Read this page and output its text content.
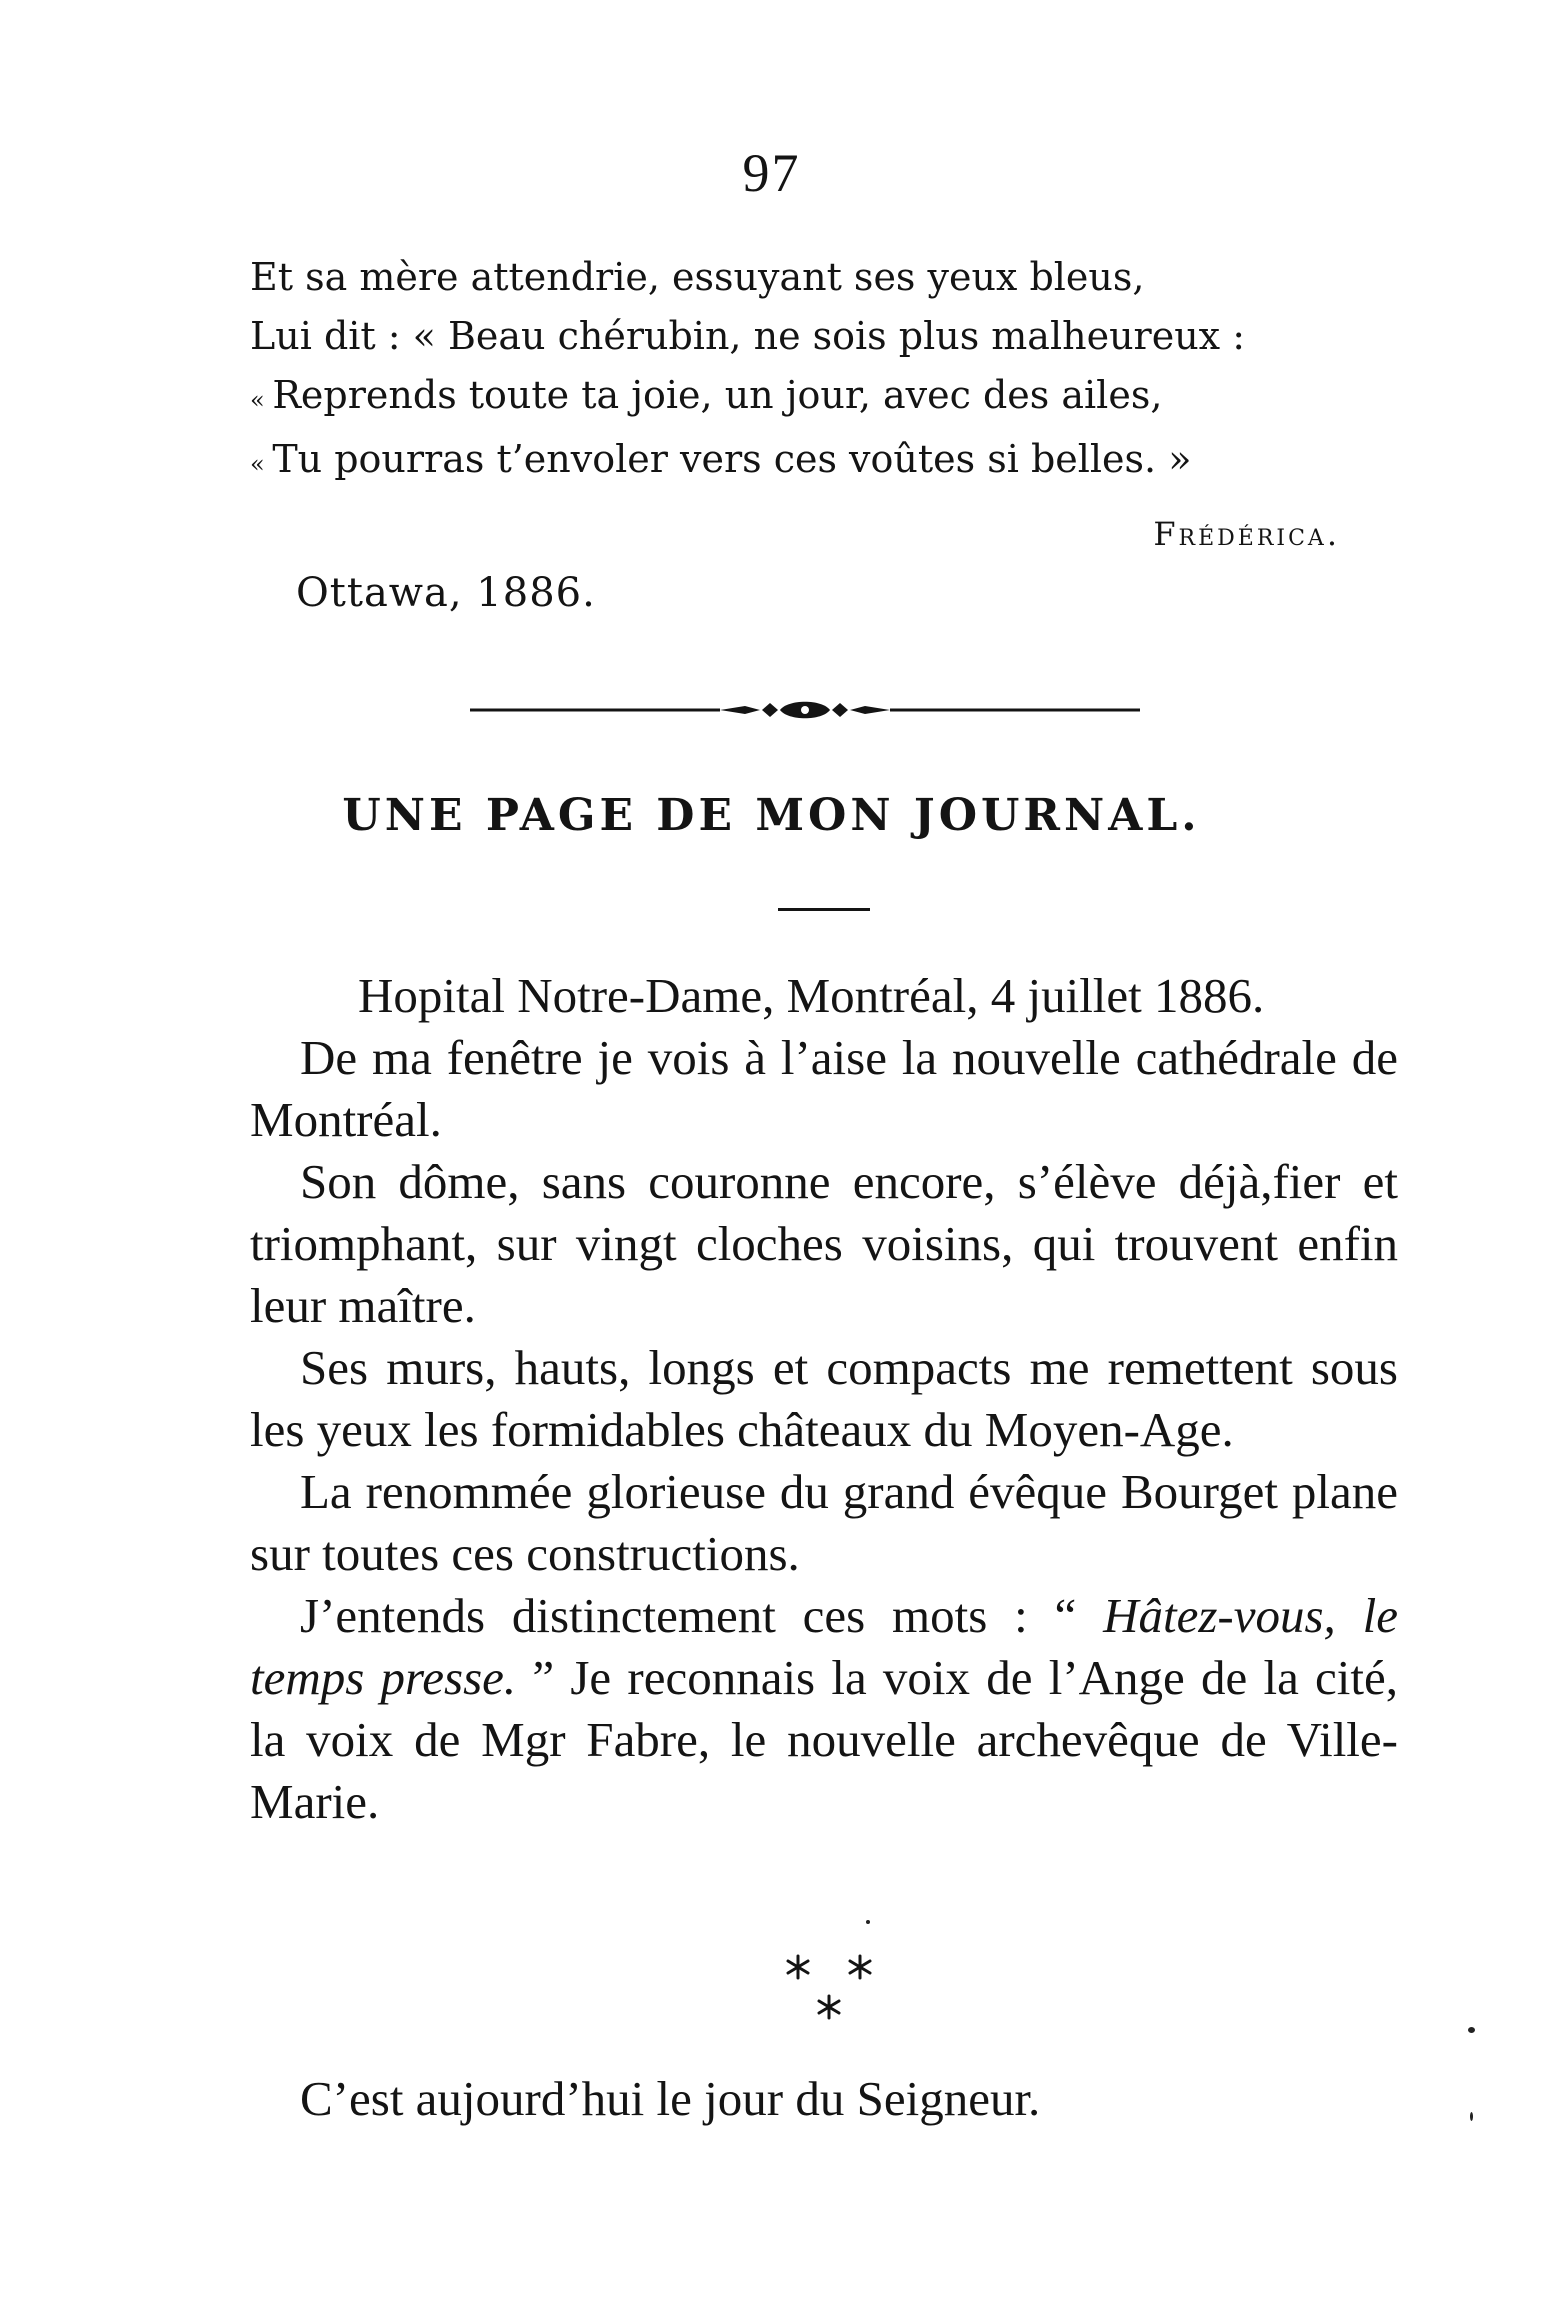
97
Et sa mère attendrie, essuyant ses yeux bleus,
Lui dit : « Beau chérubin, ne sois plus malheureux :
« Reprends toute ta joie, un jour, avec des ailes,
« Tu pourras t’envoler vers ces voûtes si belles. »
Frédérica.
Ottawa, 1886.
UNE PAGE DE MON JOURNAL.

Hopital Notre-Dame, Montréal, 4 juillet 1886.

De ma fenêtre je vois à l’aise la nouvelle cathédrale de Montréal.

Son dôme, sans couronne encore, s’élève déjà,fier et triomphant, sur vingt cloches voisins, qui trouvent enfin leur maître.

Ses murs, hauts, longs et compacts me remettent sous les yeux les formidables châteaux du Moyen-Age.

La renommée glorieuse du grand évêque Bourget plane sur toutes ces constructions.

J’entends distinctement ces mots : “ Hâtez-vous, le temps presse. ” Je reconnais la voix de l’Ange de la cité, la voix de Mgr Fabre, le nouvelle archevêque de Ville-Marie.

C’est aujourd’hui le jour du Seigneur.
